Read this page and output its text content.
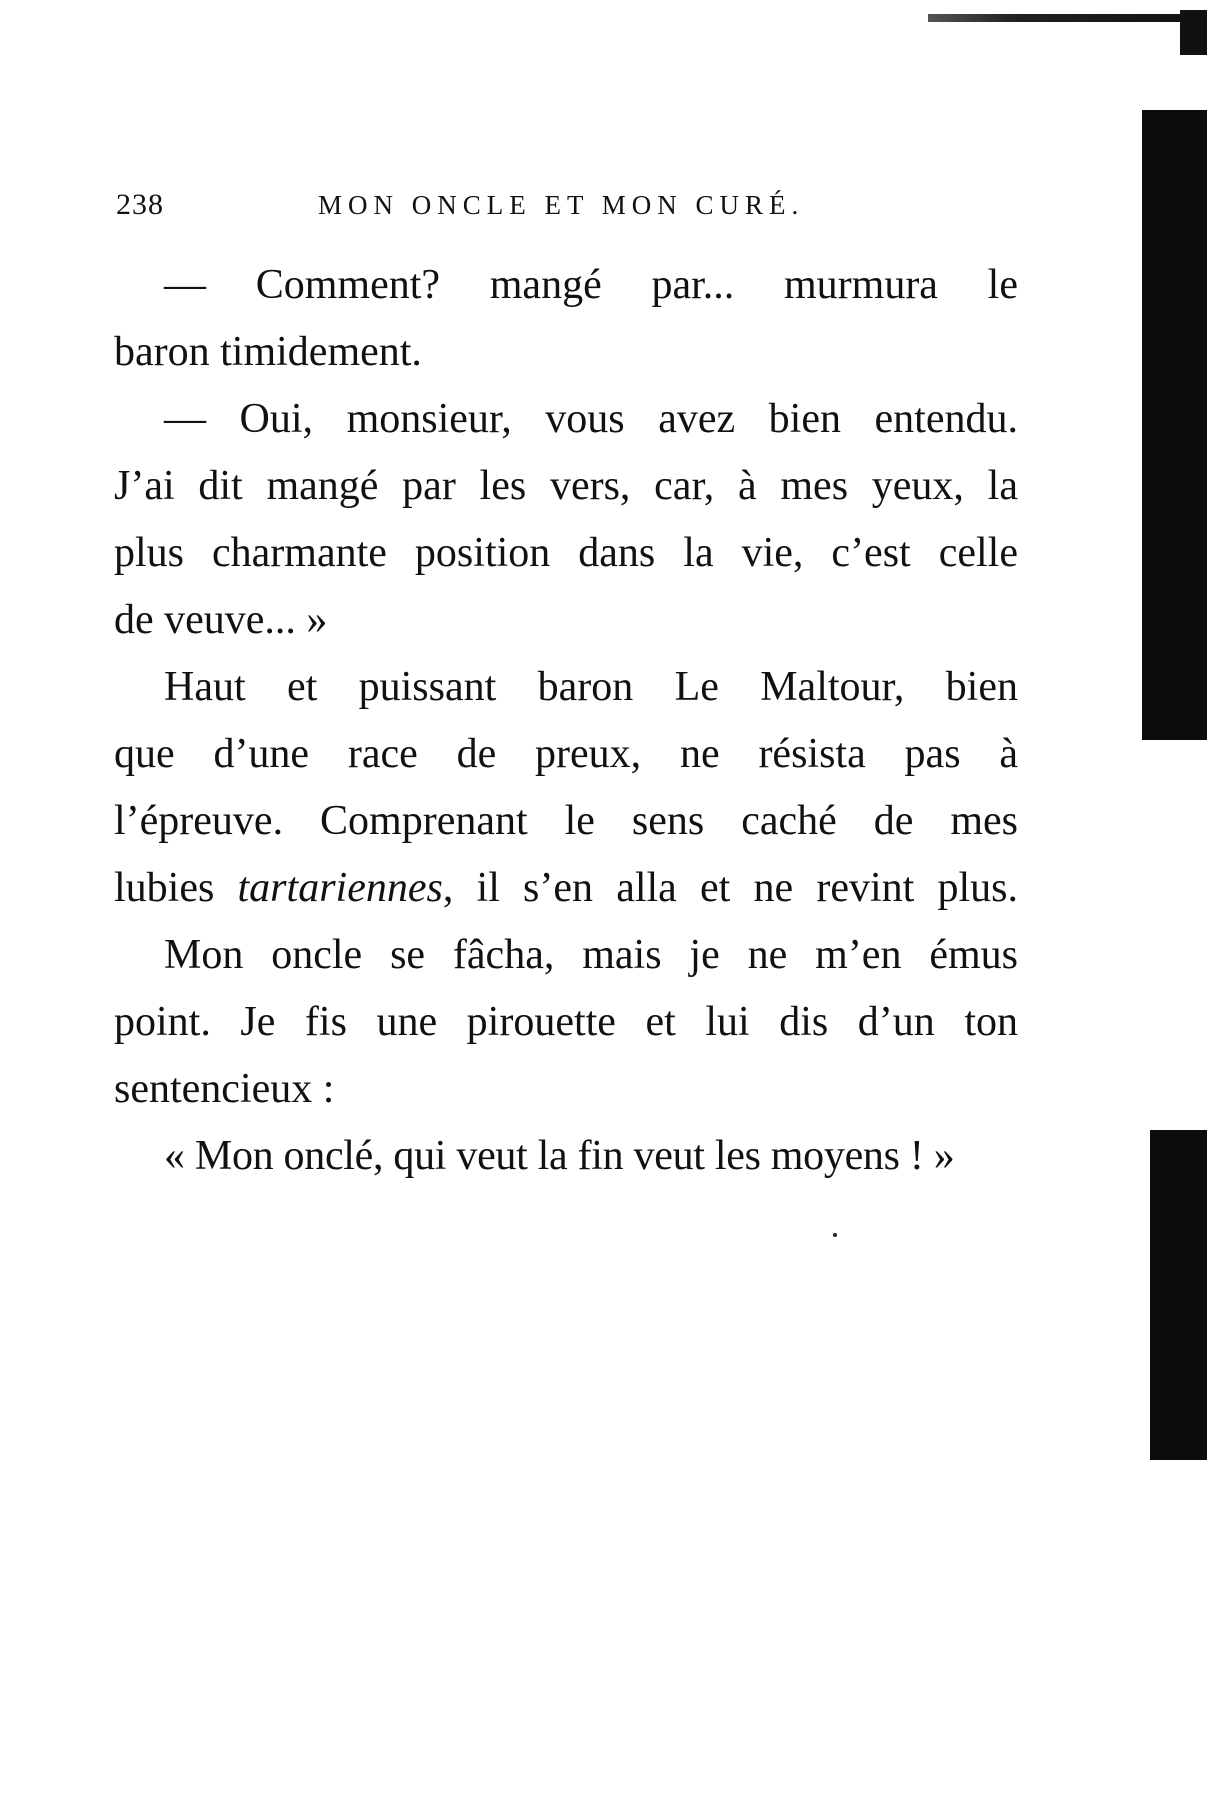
238	MON ONCLE ET MON CURÉ.
— Comment? mangé par... murmura le
baron timidement.
— Oui, monsieur, vous avez bien entendu.
J’ai dit mangé par les vers, car, à mes yeux, la
plus charmante position dans la vie, c’est celle
de veuve... »
Haut et puissant baron Le Maltour, bien
que d’une race de preux, ne résista pas à
l’épreuve. Comprenant le sens caché de mes
lubies tartariennes, il s’en alla et ne revint plus.
Mon oncle se fâcha, mais je ne m’en émus
point. Je fis une pirouette et lui dis d’un ton
sentencieux :
« Mon onclé, qui veut la fin veut les moyens ! »
